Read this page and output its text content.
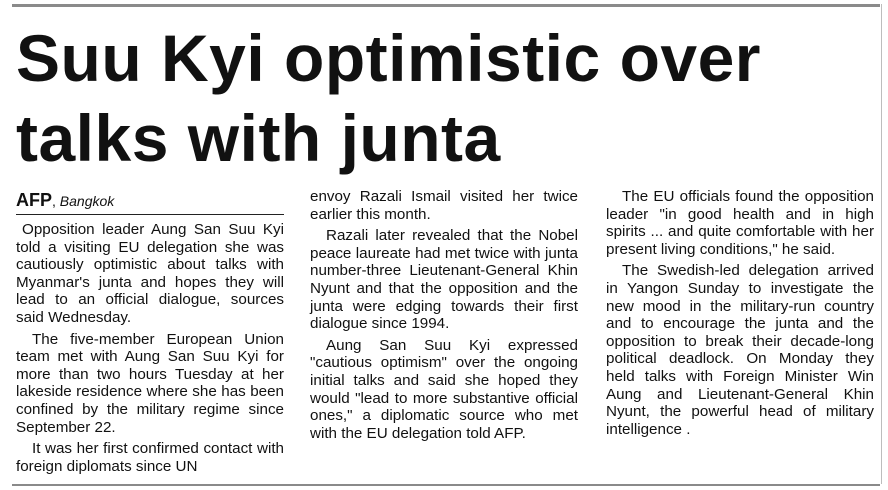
Suu Kyi optimistic over
talks with junta
AFP, Bangkok

Opposition leader Aung San Suu Kyi told a visiting EU delegation she was cautiously optimistic about talks with Myanmar's junta and hopes they will lead to an official dialogue, sources said Wednesday.

The five-member European Union team met with Aung San Suu Kyi for more than two hours Tuesday at her lakeside residence where she has been confined by the military regime since September 22.

It was her first confirmed contact with foreign diplomats since UN

The EU officials found the opposition leader "in good health and in high spirits ... and quite comfortable with her present living conditions," he said.

The Swedish-led delegation arrived in Yangon Sunday to investigate the new mood in the military-run country and to encourage the junta and the opposition to break their decade-long political deadlock. On Monday they held talks with Foreign Minister Win Aung and Lieutenant-General Khin Nyunt, the powerful head of military intelligence .

envoy Razali Ismail visited her twice earlier this month.

Razali later revealed that the Nobel peace laureate had met twice with junta number-three Lieutenant-General Khin Nyunt and that the opposition and the junta were edging towards their first dialogue since 1994.

Aung San Suu Kyi expressed "cautious optimism" over the ongoing initial talks and said she hoped they would "lead to more substantive official ones," a diplomatic source who met with the EU delegation told AFP.
